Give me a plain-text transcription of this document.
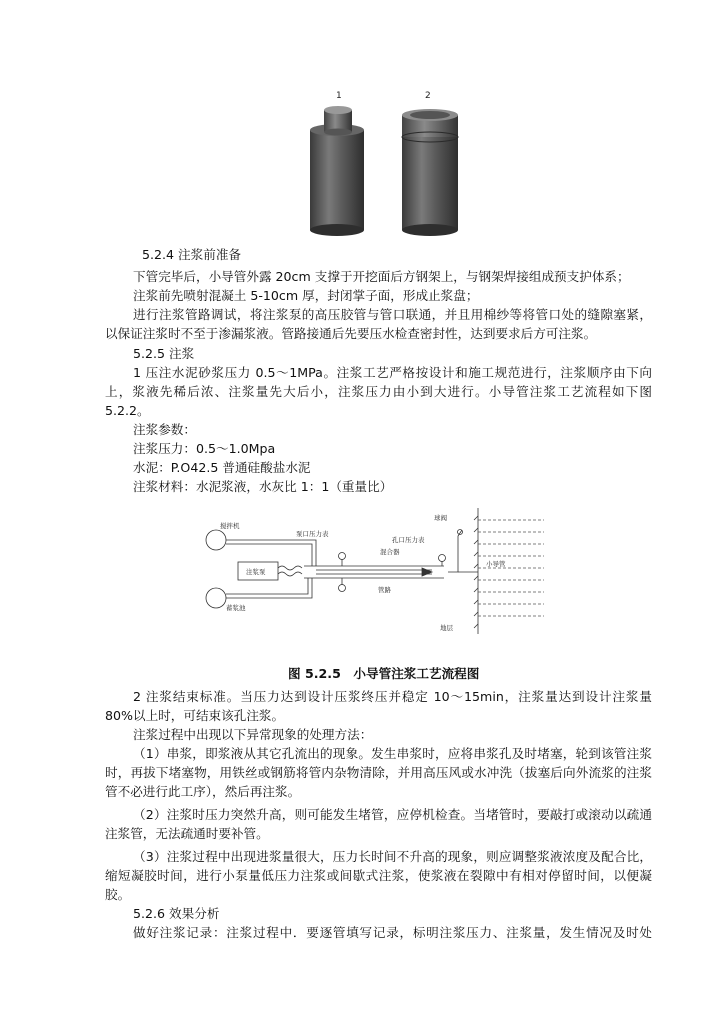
1	2
5.2.4 注浆前准备
下管完毕后，小导管外露 20cm 支撑于开挖面后方钢架上，与钢架焊接组成预支护体系；
注浆前先喷射混凝土 5-10cm 厚，封闭掌子面，形成止浆盘；
进行注浆管路调试，将注浆泵的高压胶管与管口联通，并且用棉纱等将管口处的缝隙塞紧，
以保证注浆时不至于渗漏浆液。管路接通后先要压水检查密封性，达到要求后方可注浆。
5.2.5 注浆
1 压注水泥砂浆压力 0.5～1MPa。注浆工艺严格按设计和施工规范进行，注浆顺序由下向
上，浆液先稀后浓、注浆量先大后小，注浆压力由小到大进行。小导管注浆工艺流程如下图
5.2.2。
注浆参数：
注浆压力：0.5～1.0Mpa
水泥：P.O42.5 普通硅酸盐水泥
注浆材料：水泥浆液，水灰比 1：1（重量比）
搅拌机
泵口压力表
球阀
孔口压力表
混合器
注浆泵
小导管
管路
蓄浆池
地层
图 5.2.5　小导管注浆工艺流程图
2 注浆结束标准。当压力达到设计压浆终压并稳定 10～15min，注浆量达到设计注浆量
80%以上时，可结束该孔注浆。
注浆过程中出现以下异常现象的处理方法：
（1）串浆，即浆液从其它孔流出的现象。发生串浆时，应将串浆孔及时堵塞，轮到该管注浆
时，再拔下堵塞物，用铁丝或钢筋将管内杂物清除，并用高压风或水冲洗（拔塞后向外流浆的注浆
管不必进行此工序），然后再注浆。
（2）注浆时压力突然升高，则可能发生堵管，应停机检查。当堵管时，要敲打或滚动以疏通
注浆管，无法疏通时要补管。
（3）注浆过程中出现进浆量很大，压力长时间不升高的现象，则应调整浆液浓度及配合比，
缩短凝胶时间，进行小泵量低压力注浆或间歇式注浆，使浆液在裂隙中有相对停留时间，以便凝
胶。
5.2.6 效果分析
做好注浆记录：注浆过程中．要逐管填写记录，标明注浆压力、注浆量，发生情况及时处
